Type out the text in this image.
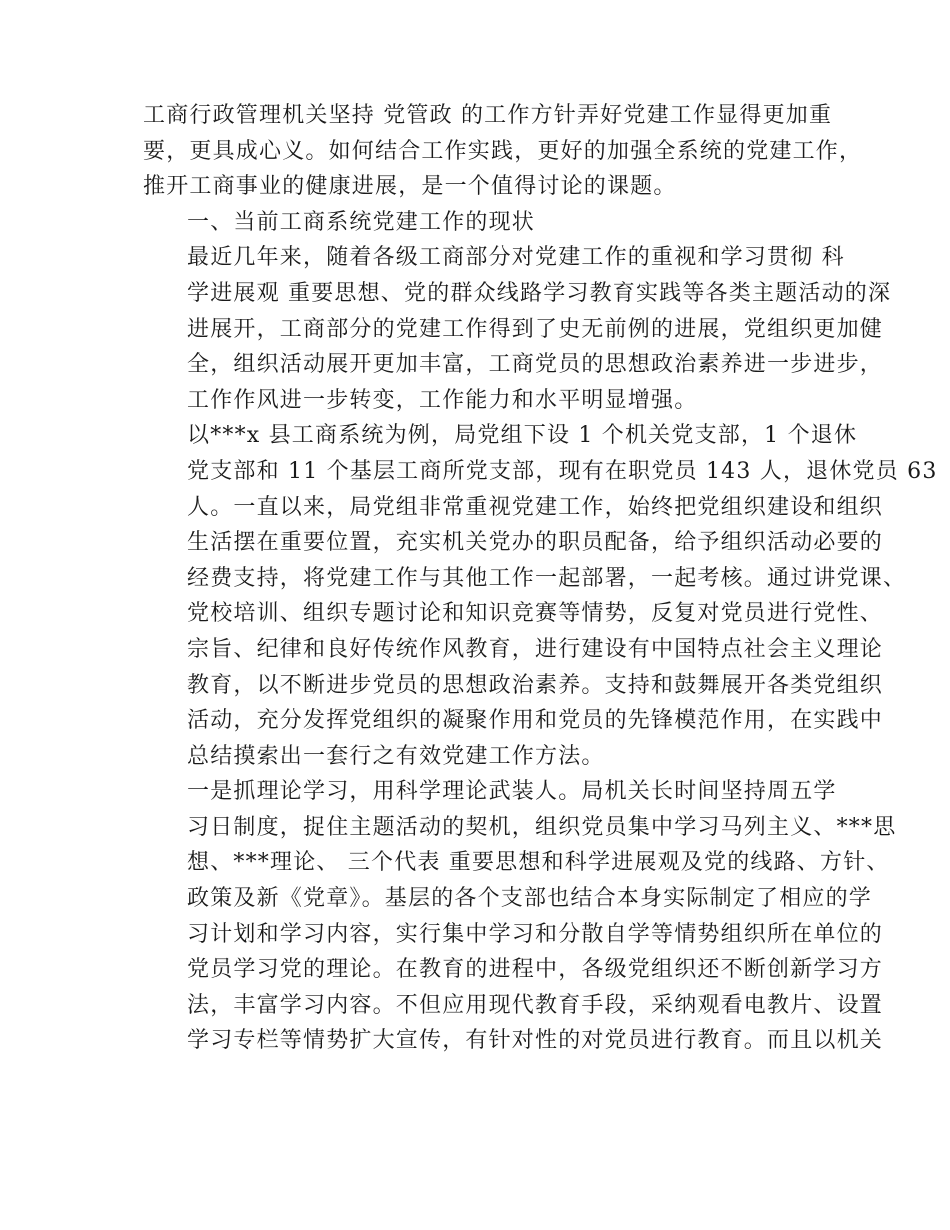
工商行政管理机关坚持 党管政 的工作方针弄好党建工作显得更加重
要，更具成心义。如何结合工作实践，更好的加强全系统的党建工作，
推开工商事业的健康进展，是一个值得讨论的课题。
一、当前工商系统党建工作的现状
最近几年来，随着各级工商部分对党建工作的重视和学习贯彻 科
学进展观 重要思想、党的群众线路学习教育实践等各类主题活动的深
进展开，工商部分的党建工作得到了史无前例的进展，党组织更加健
全，组织活动展开更加丰富，工商党员的思想政治素养进一步进步，
工作作风进一步转变，工作能力和水平明显增强。
以***x 县工商系统为例，局党组下设 1 个机关党支部，1 个退休
党支部和 11 个基层工商所党支部，现有在职党员 143 人，退休党员 63
人。一直以来，局党组非常重视党建工作，始终把党组织建设和组织
生活摆在重要位置，充实机关党办的职员配备，给予组织活动必要的
经费支持，将党建工作与其他工作一起部署，一起考核。通过讲党课、
党校培训、组织专题讨论和知识竞赛等情势，反复对党员进行党性、
宗旨、纪律和良好传统作风教育，进行建设有中国特点社会主义理论
教育，以不断进步党员的思想政治素养。支持和鼓舞展开各类党组织
活动，充分发挥党组织的凝聚作用和党员的先锋模范作用，在实践中
总结摸索出一套行之有效党建工作方法。
一是抓理论学习，用科学理论武装人。局机关长时间坚持周五学
习日制度，捉住主题活动的契机，组织党员集中学习马列主义、***思
想、***理论、 三个代表 重要思想和科学进展观及党的线路、方针、
政策及新《党章》。基层的各个支部也结合本身实际制定了相应的学
习计划和学习内容，实行集中学习和分散自学等情势组织所在单位的
党员学习党的理论。在教育的进程中，各级党组织还不断创新学习方
法，丰富学习内容。不但应用现代教育手段，采纳观看电教片、设置
学习专栏等情势扩大宣传，有针对性的对党员进行教育。而且以机关
